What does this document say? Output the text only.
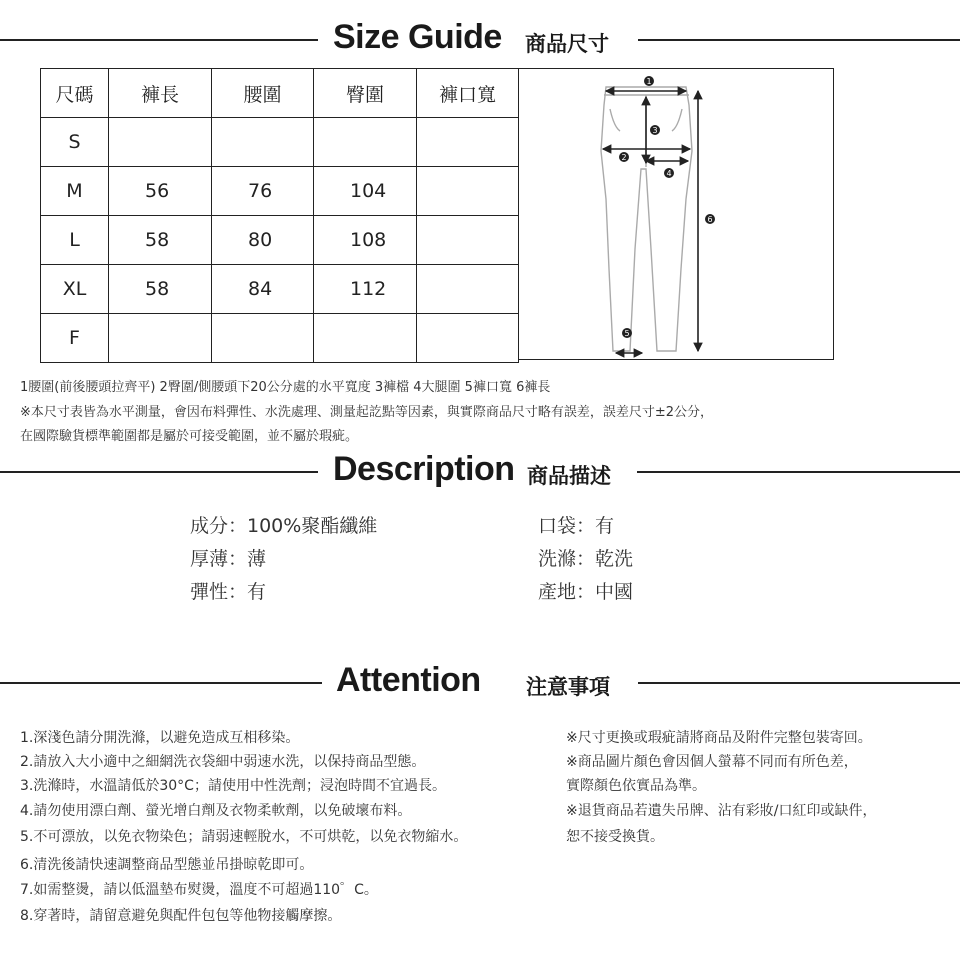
Size Guide 商品尺寸
尺碼	褲長	腰圍	臀圍	褲口寬
S				
M	56	76	104	
L	58	80	108	
XL	58	84	112	
F				
1
2
3
4
5
6
1腰圍(前後腰頭拉齊平) 2臀圍/側腰頭下20公分處的水平寬度 3褲檔 4大腿圍 5褲口寬 6褲長
※本尺寸表皆為水平測量，會因布料彈性、水洗處理、測量起訖點等因素，與實際商品尺寸略有誤差，誤差尺寸±2公分，
在國際驗貨標準範圍都是屬於可接受範圍，並不屬於瑕疵。
Description 商品描述
成分：100%聚酯纖維
厚薄：薄
彈性：有
口袋：有
洗滌：乾洗
產地：中國
Attention 注意事項
1.深淺色請分開洗滌，以避免造成互相移染。
2.請放入大小適中之細網洗衣袋細中弱速水洗，以保持商品型態。
3.洗滌時，水溫請低於30°C；請使用中性洗劑；浸泡時間不宜過長。
4.請勿使用漂白劑、螢光增白劑及衣物柔軟劑，以免破壞布料。
5.不可漂放，以免衣物染色；請弱速輕脫水，不可烘乾，以免衣物縮水。
6.清洗後請快速調整商品型態並吊掛晾乾即可。
7.如需整燙，請以低溫墊布熨燙，溫度不可超過110゜C。
8.穿著時，請留意避免與配件包包等他物接觸摩擦。
※尺寸更換或瑕疵請將商品及附件完整包裝寄回。
※商品圖片顏色會因個人螢幕不同而有所色差，
實際顏色依實品為準。
※退貨商品若遺失吊牌、沾有彩妝/口紅印或缺件，
恕不接受換貨。
